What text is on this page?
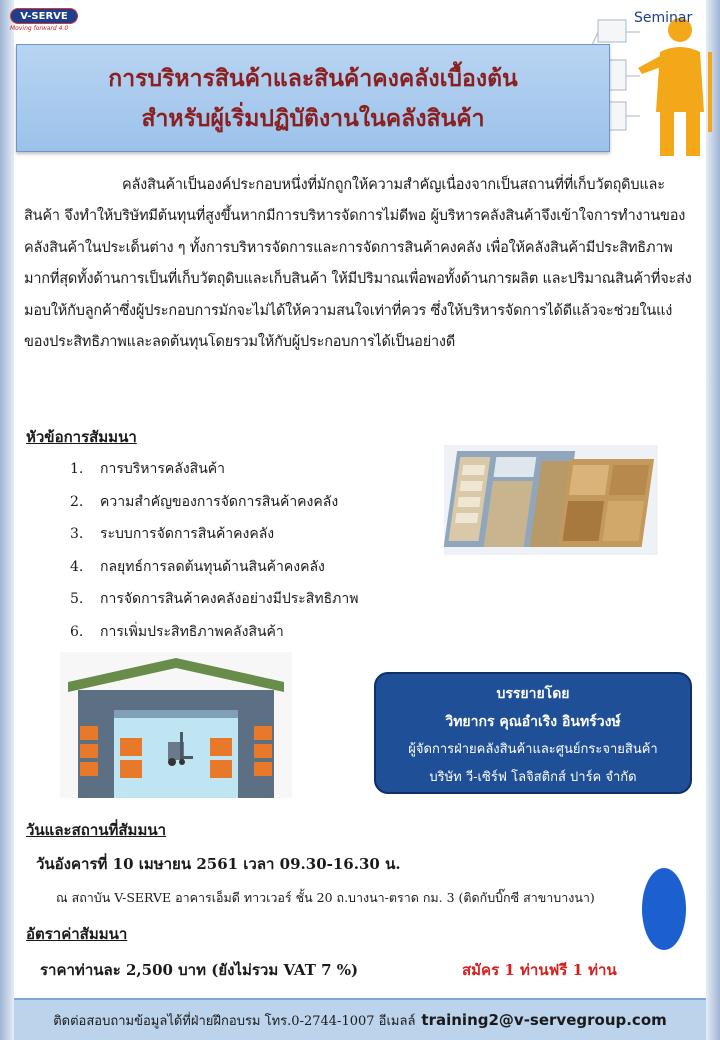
V-SERVE
Moving forward 4.0
Seminar
การบริหารสินค้าและสินค้าคงคลังเบื้องต้น
สำหรับผู้เริ่มปฏิบัติงานในคลังสินค้า
คลังสินค้าเป็นองค์ประกอบหนึ่งที่มักถูกให้ความสำคัญเนื่องจากเป็นสถานที่ที่เก็บวัตถุดิบและสินค้า จึงทำให้บริษัทมีต้นทุนที่สูงขึ้นหากมีการบริหารจัดการไม่ดีพอ ผู้บริหารคลังสินค้าจึงเข้าใจการทำงานของคลังสินค้าในประเด็นต่าง ๆ ทั้งการบริหารจัดการและการจัดการสินค้าคงคลัง เพื่อให้คลังสินค้ามีประสิทธิภาพมากที่สุดทั้งด้านการเป็นที่เก็บวัตถุดิบและเก็บสินค้า ให้มีปริมาณเพื่อพอทั้งด้านการผลิต และปริมาณสินค้าที่จะส่งมอบให้กับลูกค้าซึ่งผู้ประกอบการมักจะไม่ได้ให้ความสนใจเท่าที่ควร ซึ่งให้บริหารจัดการได้ดีแล้วจะช่วยในแง่ของประสิทธิภาพและลดต้นทุนโดยรวมให้กับผู้ประกอบการได้เป็นอย่างดี
หัวข้อการสัมมนา
1.	การบริหารคลังสินค้า
2.	ความสำคัญของการจัดการสินค้าคงคลัง
3.	ระบบการจัดการสินค้าคงคลัง
4.	กลยุทธ์การลดต้นทุนด้านสินค้าคงคลัง
5.	การจัดการสินค้าคงคลังอย่างมีประสิทธิภาพ
6.	การเพิ่มประสิทธิภาพคลังสินค้า
บรรยายโดย
วิทยากร คุณอำเริง อินทร์วงษ์
ผู้จัดการฝ่ายคลังสินค้าและศูนย์กระจายสินค้า
บริษัท วี-เซิร์ฟ โลจิสติกส์ ปาร์ค จำกัด
วันและสถานที่สัมมนา
วันอังคารที่ 10 เมษายน 2561 เวลา 09.30-16.30 น.
ณ สถาบัน V-SERVE อาคารเอ็มดี ทาวเวอร์ ชั้น 20 ถ.บางนา-ตราด กม. 3 (ติดกับบิ๊กซี สาขาบางนา)
อัตราค่าสัมมนา
ราคาท่านละ 2,500 บาท (ยังไม่รวม VAT 7 %)	สมัคร 1 ท่านฟรี 1 ท่าน
ติดต่อสอบถามข้อมูลได้ที่ฝ่ายฝึกอบรม โทร.0-2744-1007 อีเมลล์ training2@v-servegroup.com
